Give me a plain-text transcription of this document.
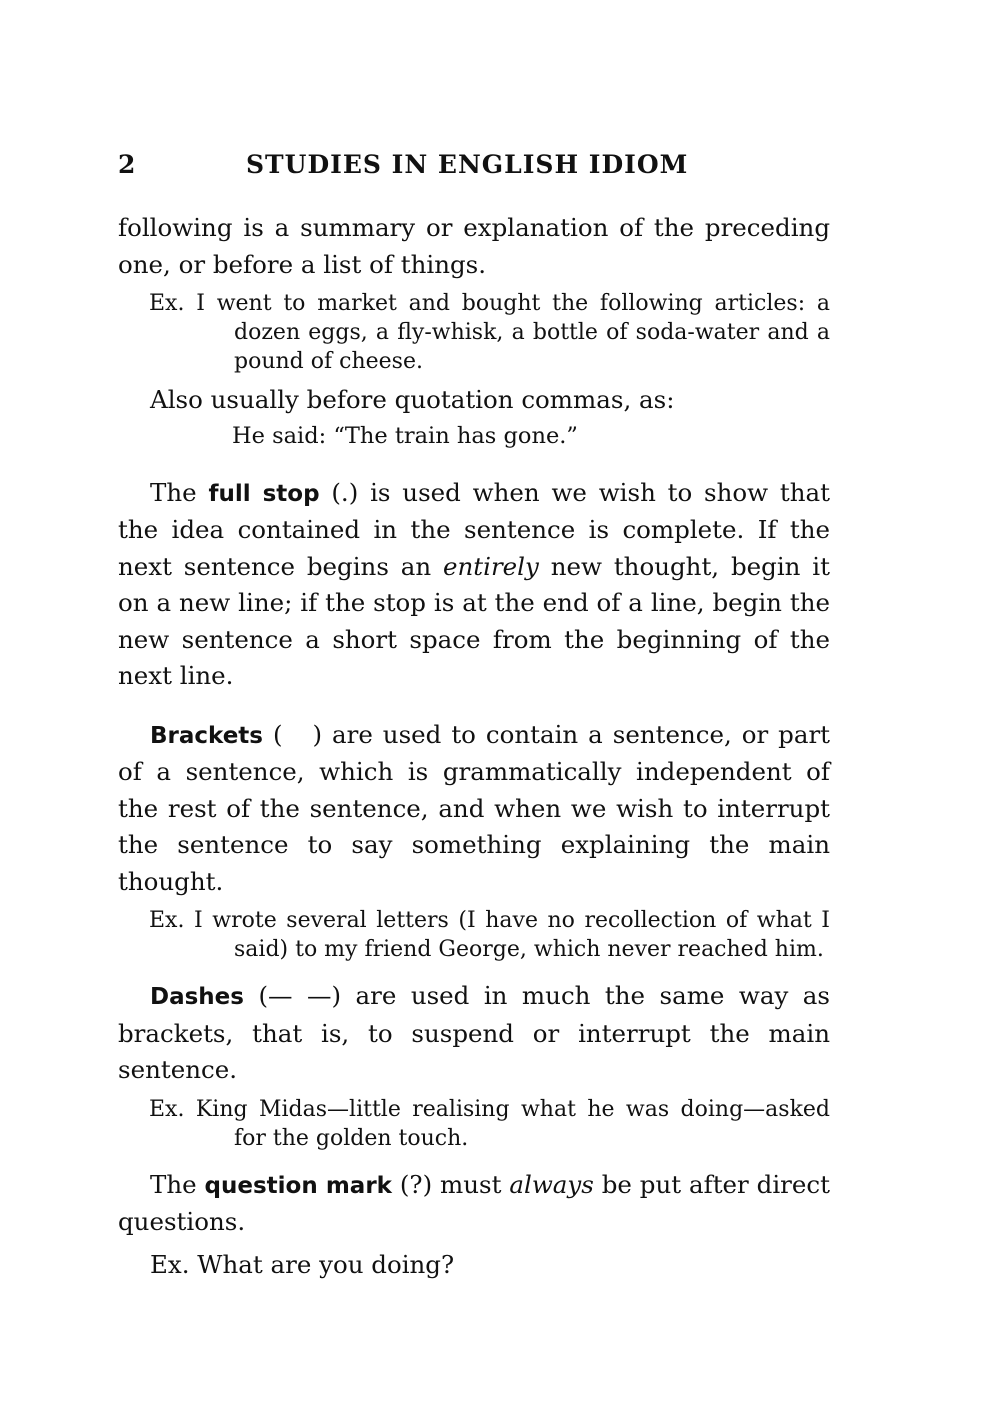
2	STUDIES IN ENGLISH IDIOM

following is a summary or explanation of the preceding one, or before a list of things.

Ex. I went to market and bought the following articles: a dozen eggs, a fly-whisk, a bottle of soda-water and a pound of cheese.

Also usually before quotation commas, as:

He said: “The train has gone.”

The full stop (.) is used when we wish to show that the idea contained in the sentence is complete. If the next sentence begins an entirely new thought, begin it on a new line; if the stop is at the end of a line, begin the new sentence a short space from the beginning of the next line.

Brackets (   ) are used to contain a sentence, or part of a sentence, which is grammatically independent of the rest of the sentence, and when we wish to interrupt the sentence to say something explaining the main thought.

Ex. I wrote several letters (I have no recollection of what I said) to my friend George, which never reached him.

Dashes (— —) are used in much the same way as brackets, that is, to suspend or interrupt the main sentence.

Ex. King Midas—little realising what he was doing—asked for the golden touch.

The question mark (?) must always be put after direct questions.

Ex. What are you doing?
